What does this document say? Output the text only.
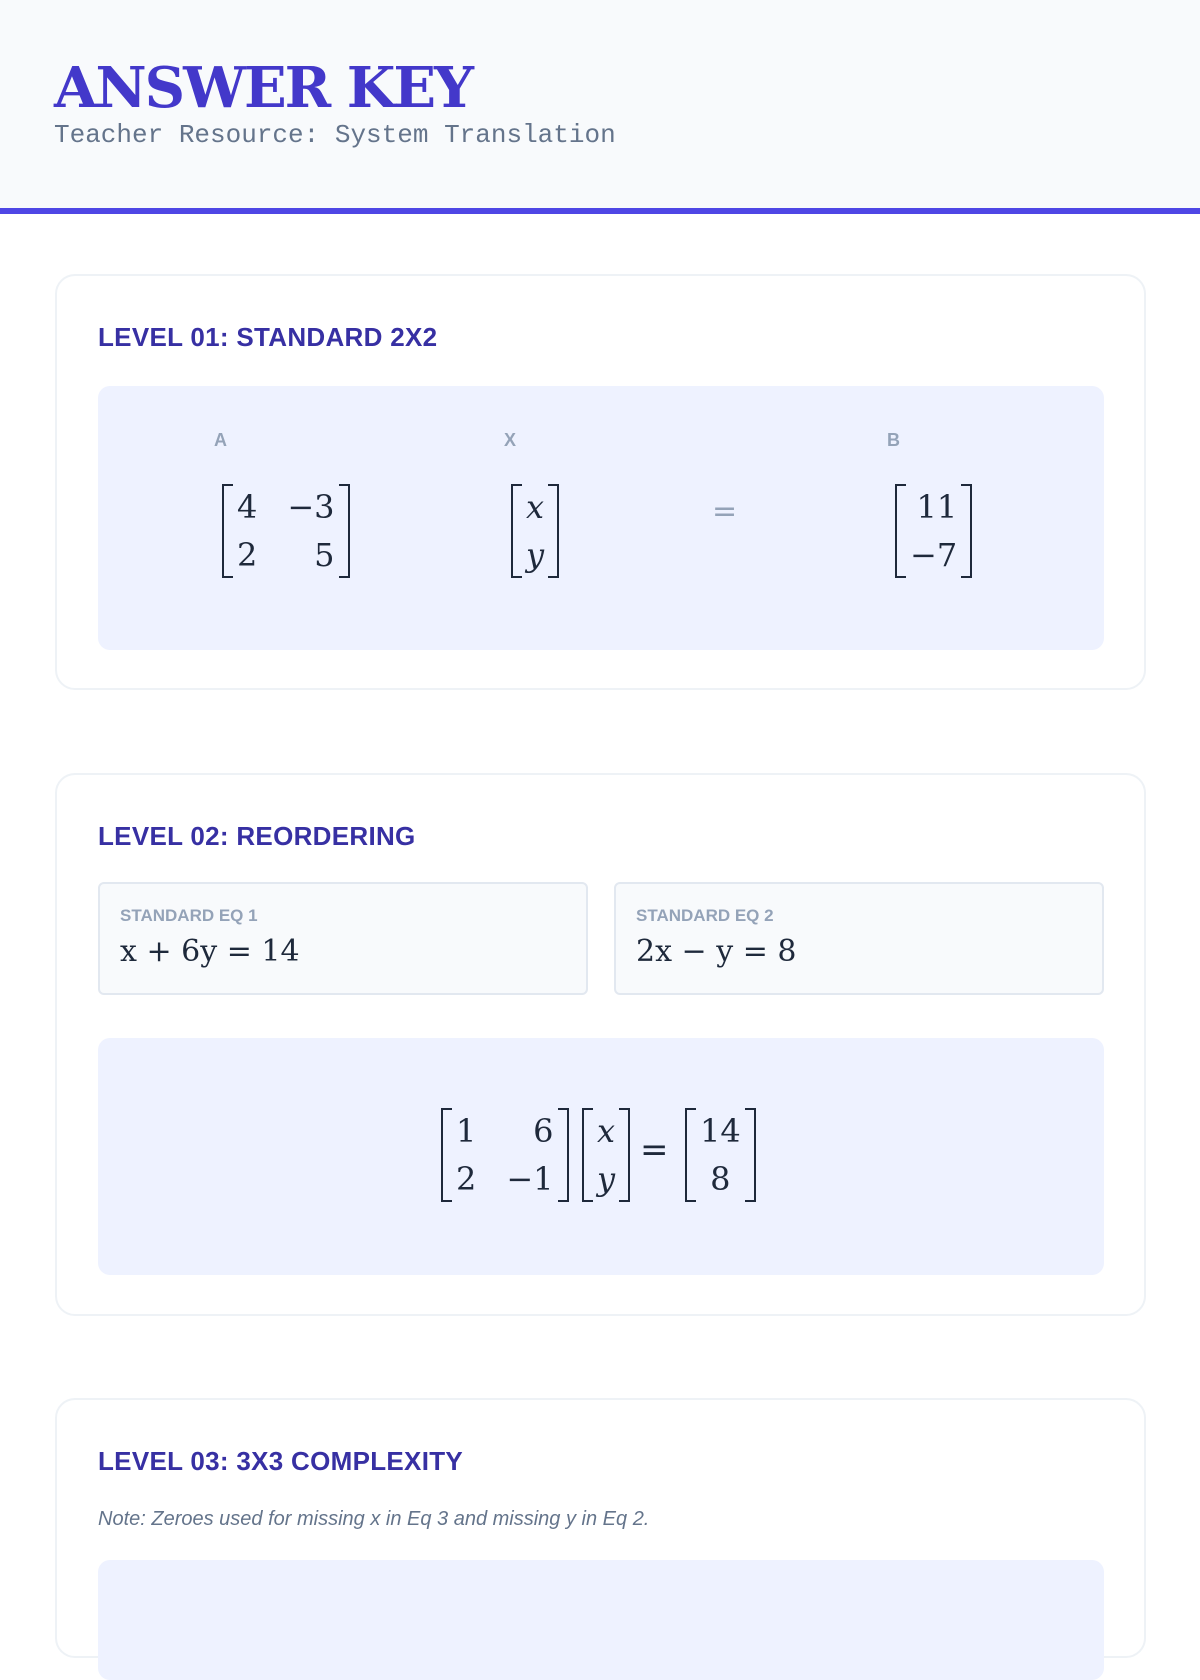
ANSWER KEY
Teacher Resource: System Translation
LEVEL 01: STANDARD 2X2
A	X	B
4 −3
2	5
x
y
=	11
−7
LEVEL 02: REORDERING
STANDARD EQ 1
x + 6y = 14
STANDARD EQ 2
2x − y = 8
1	6
2 −1
x
y
= 14
8
LEVEL 03: 3X3 COMPLEXITY
Note: Zeroes used for missing x in Eq 3 and missing y in Eq 2.
